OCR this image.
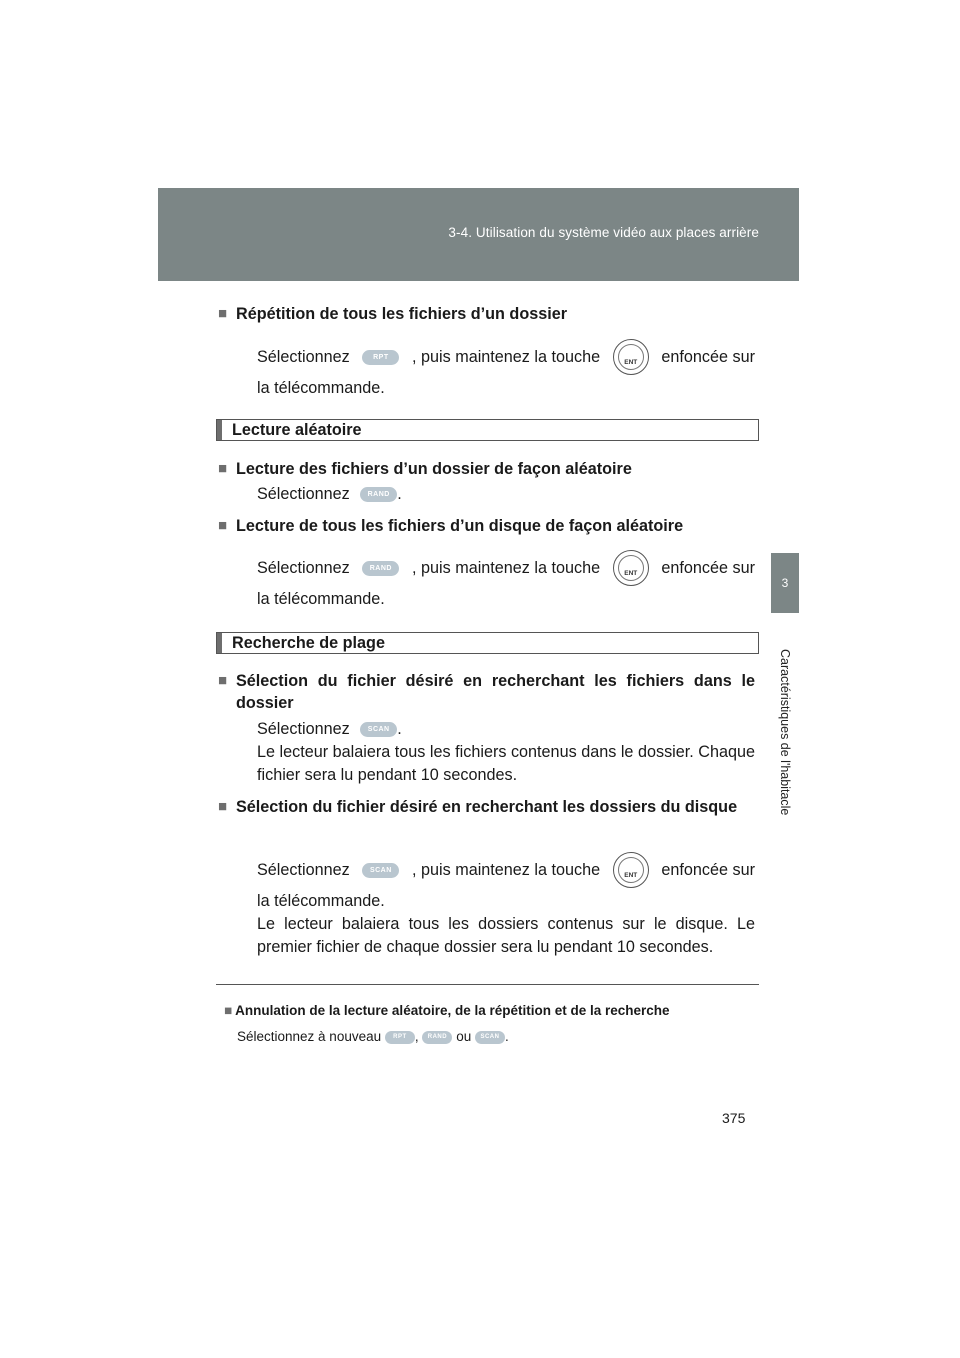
3-4. Utilisation du système vidéo aux places arrière
3
Caractéristiques de l'habitacle
■ Répétition de tous les fichiers d’un dossier
Sélectionnez	RPT	, puis maintenez la touche	ENT	enfoncée sur
la télécommande.
Lecture aléatoire
■ Lecture des fichiers d’un dossier de façon aléatoire
Sélectionnez	RAND .
■ Lecture de tous les fichiers d’un disque de façon aléatoire
Sélectionnez	RAND	, puis maintenez la touche	ENT	enfoncée sur
la télécommande.
Recherche de plage
■ Sélection du fichier désiré en recherchant les fichiers dans le dossier
Sélectionnez	SCAN .
Le lecteur balaiera tous les fichiers contenus dans le dossier. Chaque fichier sera lu pendant 10 secondes.
■ Sélection du fichier désiré en recherchant les dossiers du disque
Sélectionnez	SCAN	, puis maintenez la touche	ENT	enfoncée sur
la télécommande.
Le lecteur balaiera tous les dossiers contenus sur le disque. Le premier fichier de chaque dossier sera lu pendant 10 secondes.
■ Annulation de la lecture aléatoire, de la répétition et de la recherche
Sélectionnez à nouveau RPT , RAND ou SCAN .
375
